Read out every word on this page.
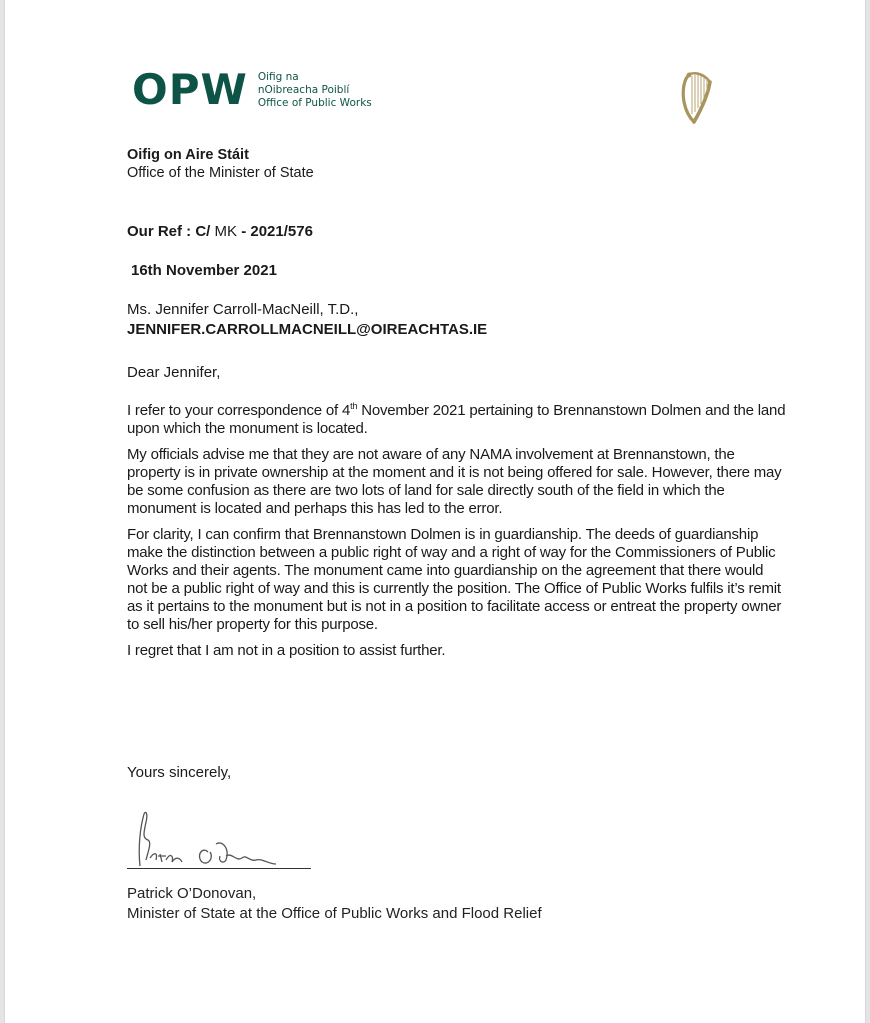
OPW Oifig na
nOibreacha Poiblí
Office of Public Works
Oifig on Aire Stáit
Office of the Minister of State
Our Ref : C/ MK - 2021/576
16th November 2021
Ms. Jennifer Carroll-MacNeill, T.D.,
JENNIFER.CARROLLMACNEILL@OIREACHTAS.IE
Dear Jennifer,

I refer to your correspondence of 4th November 2021 pertaining to Brennanstown Dolmen and the land upon which the monument is located.

My officials advise me that they are not aware of any NAMA involvement at Brennanstown, the property is in private ownership at the moment and it is not being offered for sale. However, there may be some confusion as there are two lots of land for sale directly south of the field in which the monument is located and perhaps this has led to the error.

For clarity, I can confirm that Brennanstown Dolmen is in guardianship. The deeds of guardianship make the distinction between a public right of way and a right of way for the Commissioners of Public Works and their agents. The monument came into guardianship on the agreement that there would not be a public right of way and this is currently the position. The Office of Public Works fulfils it’s remit as it pertains to the monument but is not in a position to facilitate access or entreat the property owner to sell his/her property for this purpose.

I regret that I am not in a position to assist further.

Yours sincerely,
Patrick O’Donovan,
Minister of State at the Office of Public Works and Flood Relief
